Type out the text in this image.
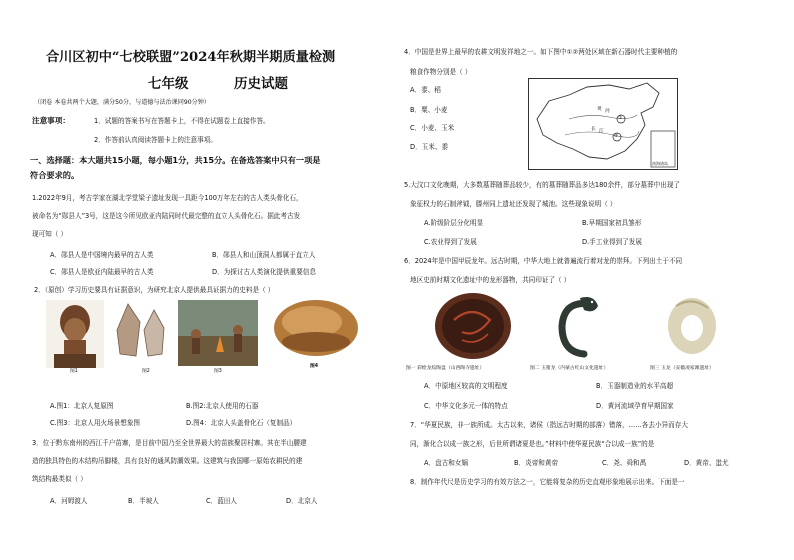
合川区初中“七校联盟”2024年秋期半期质量检测
七年级	历史试题
（闭卷 本卷共两个大题，满分50分，与道德与法治课同90分钟）
注意事项：	1．试题的答案书写在答题卡上，不得在试题卷上直接作答。
2．作答前认真阅读答题卡上的注意事项。
一、选择题：本大题共15小题，每小题1分，共15分。在备选答案中只有一项是
符合要求的。
1.2022年9月，考古学家在湖北学堂梁子遗址发现一具距今100万年左右的古人类头骨化石，
被命名为“郧县人”3号，这是这今所见欧亚内陆同时代最完整的直立人头骨化石。据此考古发
现可知（ ）
A．郧县人是中国境内最早的古人类	B．郧县人和山顶洞人都属于直立人
C．郧县人是欧亚内陆最早的古人类	D．为探讨古人类演化提供重要信息
2．（原创）学习历史要具有证据意识，为研究北京人提供最具证据力的史料是（ ）
图1	图2	图3
图4
A.图1：北京人复原图	B.图2:北京人使用的石器
C.图3：北京人用火场景想象图	D.图4：北京人头盖骨化石（复制品）
3．位于黔东南州的西江千户苗寨，是目前中国乃至全世界最大的苗族聚居村寨。其在半山腰建
造的独具特色的木结构吊脚楼，具有良好的通风防潮效果。这建筑与我国哪一原始农耕民的建
筑结构最类似（ ）
A．河姆渡人	B．半坡人	C．蓝田人	D．北京人
4．中国是世界上最早的农耕文明发祥地之一。如下图中①②两处区域在新石器时代主要种植的
粮食作物分别是（ ）
A．黍、稻
B．粟、小麦
C．小麦、玉米
D．玉米、黍
黄 河
长 江
①
②
南海诸岛
5.大汶口文化晚期，大多数墓葬随葬品较少，有的墓葬随葬品多达180余件，部分墓葬中出现了
象征权力的石制斧钺，滕州同上遗址还发现了城池。这些现象说明（ ）
A.阶级阶层分化明显	B.早期国家初具雏形
C.农业得到了发展	D.手工业得到了发展
6．2024年是中国甲辰龙年。远古时期，中华大地上就普遍流行着对龙的崇拜。下列出土于不同
地区史前时期文化遗址中的龙形器物，共同印证了（ ）
图一 彩绘龙纹陶盘（山西陶寺遗址）	图二 玉猪龙（内蒙古红山文化遗址）	图三 玉龙（安徽凌家滩遗址）
A．中原地区较高的文明程度	B．玉器制造业的水平高超
C．中华文化多元一体的特点	D．黄河流域孕育早期国家
7．“华夏民族，非一族所成。太古以来，诸侯（指远古时期的部落）错落，……各去小异而存大
同，渐化合以成一族之形，后世所谓诸夏是也。”材料中使华夏民族“合以成一族”的是
A．盘古和女娲	B．炎帝和黄帝	C．尧、舜和禹	D．黄帝、蚩尤
8．制作年代尺是历史学习的有效方法之一，它能将复杂的历史直观形象地展示出来。下面是一
